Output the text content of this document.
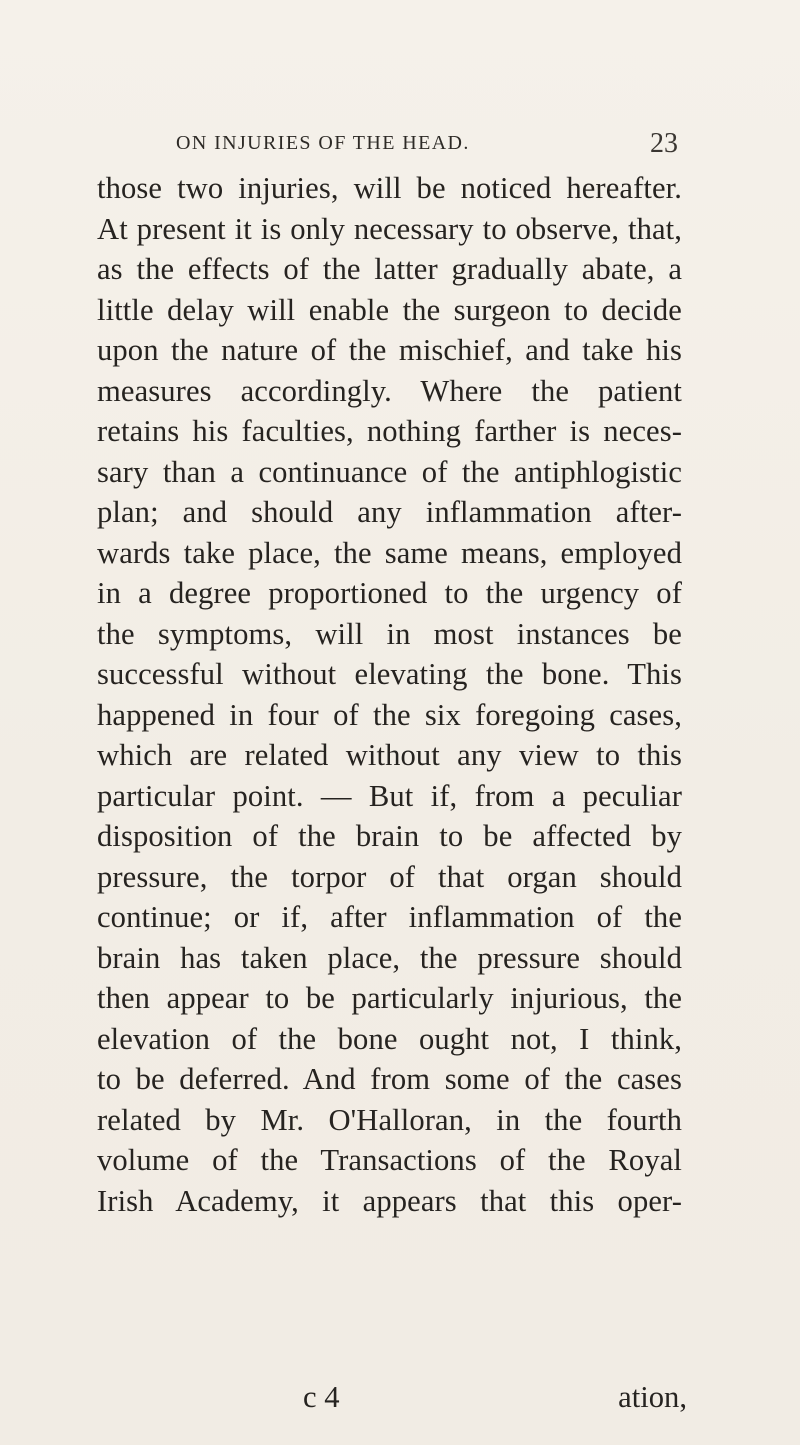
ON INJURIES OF THE HEAD.	23
those two injuries, will be noticed hereafter.
At present it is only necessary to observe, that,
as the effects of the latter gradually abate, a
little delay will enable the surgeon to decide
upon the nature of the mischief, and take his
measures accordingly. Where the patient
retains his faculties, nothing farther is neces-
sary than a continuance of the antiphlogistic
plan; and should any inflammation after-
wards take place, the same means, employed
in a degree proportioned to the urgency of
the symptoms, will in most instances be
successful without elevating the bone. This
happened in four of the six foregoing cases,
which are related without any view to this
particular point. — But if, from a peculiar
disposition of the brain to be affected by
pressure, the torpor of that organ should
continue; or if, after inflammation of the
brain has taken place, the pressure should
then appear to be particularly injurious, the
elevation of the bone ought not, I think,
to be deferred. And from some of the cases
related by Mr. O'Halloran, in the fourth
volume of the Transactions of the Royal
Irish Academy, it appears that this oper-
c 4	ation,
